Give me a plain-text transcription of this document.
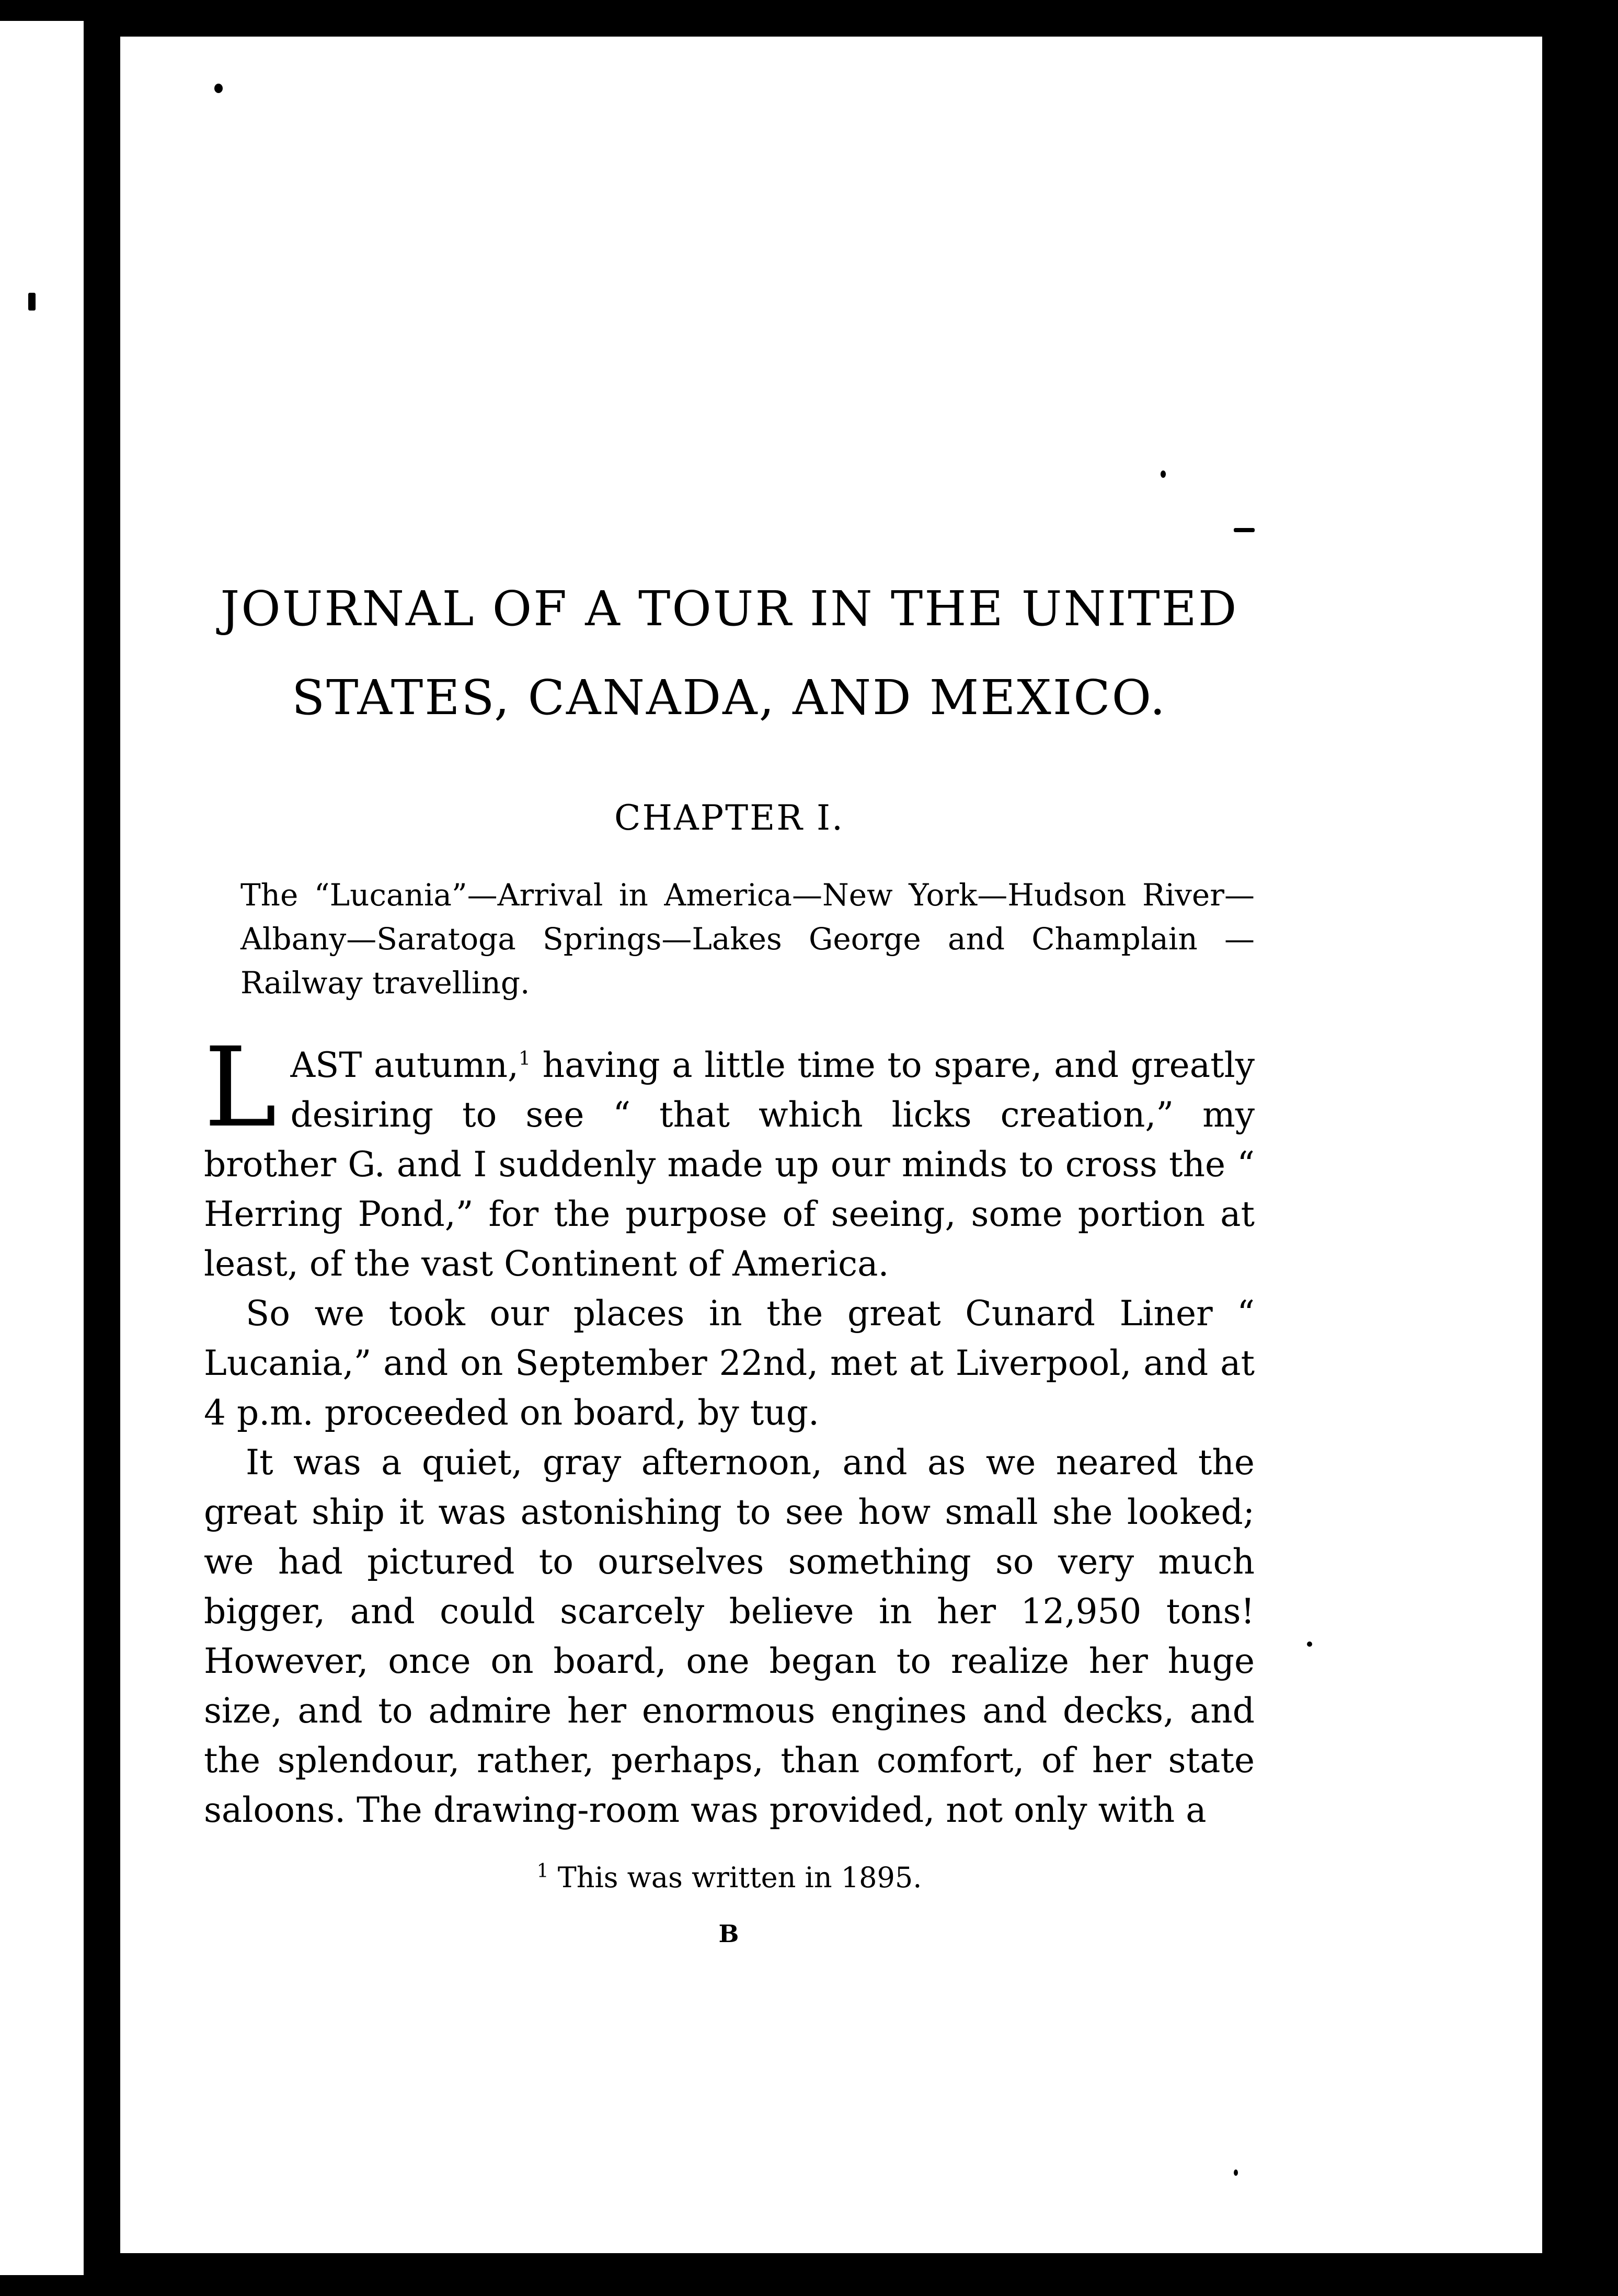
JOURNAL OF A TOUR IN THE UNITED
STATES, CANADA, AND MEXICO.
CHAPTER I.

The “Lucania”—Arrival in America—New York—Hudson River—Albany—Saratoga Springs—Lakes George and Champlain —Railway travelling.

LAST autumn,$^1$ having a little time to spare, and greatly desiring to see “ that which licks creation,” my brother G. and I suddenly made up our minds to cross the “ Herring Pond,” for the purpose of seeing, some portion at least, of the vast Continent of America.

So we took our places in the great Cunard Liner “ Lucania,” and on September 22nd, met at Liverpool, and at 4 p.m. proceeded on board, by tug.

It was a quiet, gray afternoon, and as we neared the great ship it was astonishing to see how small she looked; we had pictured to ourselves something so very much bigger, and could scarcely believe in her 12,950 tons! However, once on board, one began to realize her huge size, and to admire her enormous engines and decks, and the splendour, rather, perhaps, than comfort, of her state saloons. The drawing-room was provided, not only with a

$^1$ This was written in 1895.

B
